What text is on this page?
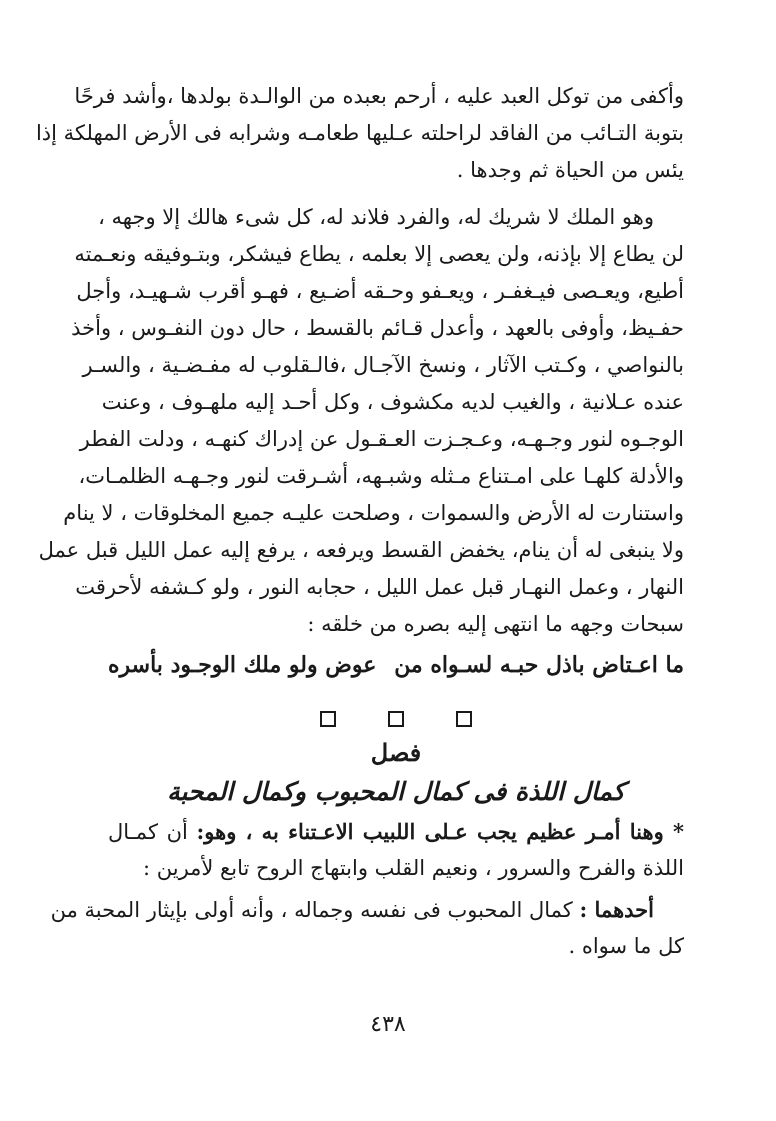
وأكفى من توكل العبد عليه ، أرحم بعبده من الوالـدة بولدها ،وأشد فرحًا
بتوبة التـائب من الفاقد لراحلته عـليها طعامـه وشرابه فى الأرض المهلكة إذا
يئس من الحياة ثم وجدها .
وهو الملك لا شريك له، والفرد فلاند له، كل شىء هالك إلا وجهه ،
لن يطاع إلا بإذنه، ولن يعصى إلا بعلمه ، يطاع فيشكر، وبتـوفيقه ونعـمته
أطيع، ويعـصى فيـغفـر ، ويعـفو وحـقه أضـيع ، فهـو أقرب شـهيـد، وأجل
حفـيظ، وأوفى بالعهد ، وأعدل قـائم بالقسط ، حال دون النفـوس ، وأخذ
بالنواصي ، وكـتب الآثار ، ونسخ الآجـال ،فالـقلوب له مفـضـية ، والسـر
عنده عـلانية ، والغيب لديه مكشوف ، وكل أحـد إليه ملهـوف ، وعنت
الوجـوه لنور وجـهـه، وعـجـزت العـقـول عن إدراك كنهـه ، ودلت الفطر
والأدلة كلهـا على امـتناع مـثله وشبـهه، أشـرقت لنور وجـهـه الظلمـات،
واستنارت له الأرض والسموات ، وصلحت عليـه جميع المخلوقات ، لا ينام
ولا ينبغى له أن ينام، يخفض القسط ويرفعه ، يرفع إليه عمل الليل قبل عمل
النهار ، وعمل النهـار قبل عمل الليل ، حجابه النور ، ولو كـشفه لأحرقت
سبحات وجهه ما انتهى إليه بصره من خلقه :
ما اعـتاض باذل حبـه لسـواه من
عوض ولو ملك الوجـود بأسره
فصل
كمال اللذة فى كمال المحبوب وكمال المحبة
* وهنا أمـر عظيم يجب عـلى اللبيب الاعـتناء به ، وهو: أن كمـال
اللذة والفرح والسرور ، ونعيم القلب وابتهاج الروح تابع لأمرين :
أحدهما : كمال المحبوب فى نفسه وجماله ، وأنه أولى بإيثار المحبة من
كل ما سواه .
٤٣٨
